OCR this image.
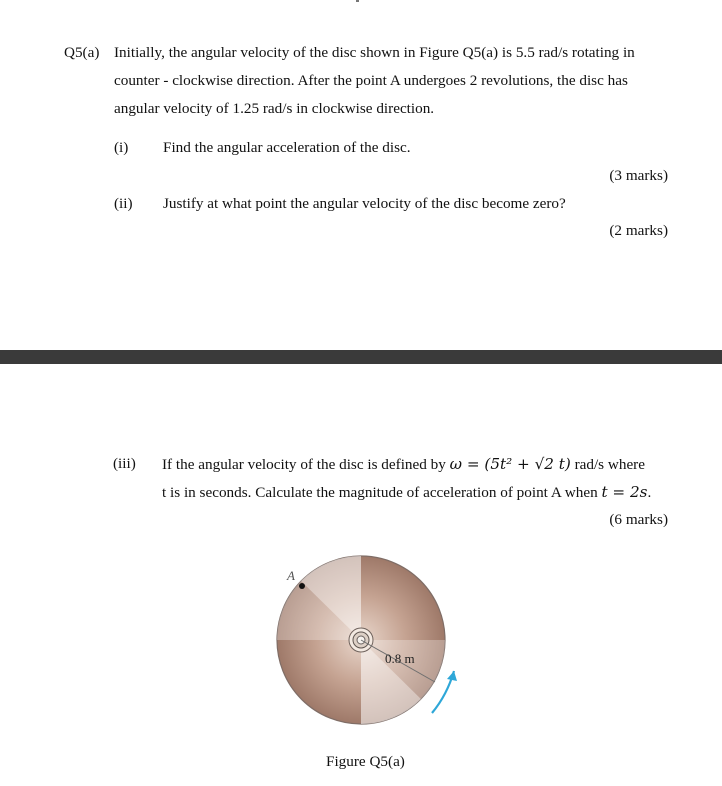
Q5(a) Initially, the angular velocity of the disc shown in Figure Q5(a) is 5.5 rad/s rotating in
counter - clockwise direction. After the point A undergoes 2 revolutions, the disc has
angular velocity of 1.25 rad/s in clockwise direction.
(i) Find the angular acceleration of the disc.
(3 marks)
(ii) Justify at what point the angular velocity of the disc become zero?
(2 marks)
(iii) If the angular velocity of the disc is defined by ω = (5t² + √2 t) rad/s where
t is in seconds. Calculate the magnitude of acceleration of point A when t = 2s.
(6 marks)
0.8 m
A
Figure Q5(a)
